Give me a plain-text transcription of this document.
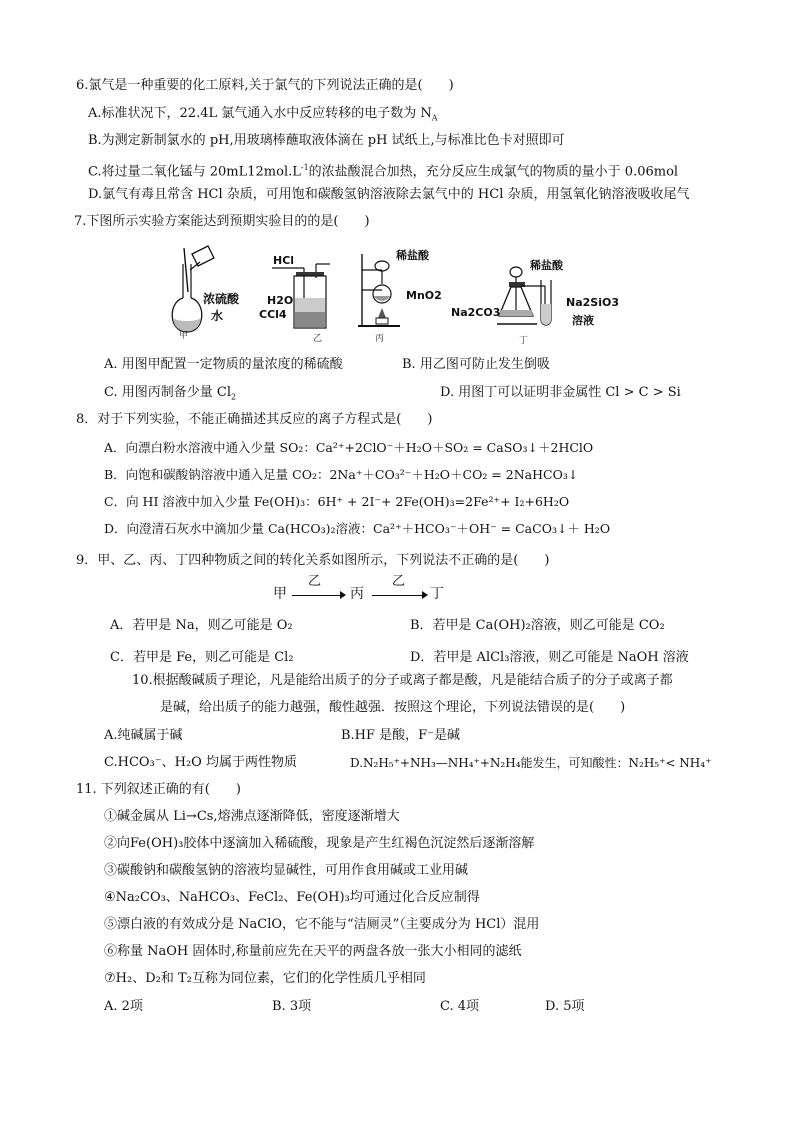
6.氯气是一种重要的化工原料,关于氯气的下列说法正确的是(　　)
A.标准状况下，22.4L 氯气通入水中反应转移的电子数为 $N_A$
B.为测定新制氯水的 pH,用玻璃棒蘸取液体滴在 pH 试纸上,与标准比色卡对照即可
C.将过量二氧化锰与 $20mL12mol.L^{-1}$的浓盐酸混合加热，充分反应生成氯气的物质的量小于 0.06mol
D.氯气有毒且常含 HCl 杂质，可用饱和碳酸氢钠溶液除去氯气中的 HCl 杂质，用氢氧化钠溶液吸收尾气
7.下图所示实验方案能达到预期实验目的的是(　　)
浓硫酸
水
甲
HCl
H2O
CCl4
乙
稀盐酸
MnO2
丙
稀盐酸
Na2CO3
Na2SiO3
溶液
丁
A. 用图甲配置一定物质的量浓度的稀硫酸	B. 用乙图可防止发生倒吸
C. 用图丙制备少量 $Cl_2$	D. 用图丁可以证明非金属性 Cl > C > Si
8．对于下列实验，不能正确描述其反应的离子方程式是(　　)
A．向漂白粉水溶液中通入少量 SO₂：Ca²⁺+2ClO⁻＋H₂O＋SO₂ = CaSO₃↓＋2HClO
B．向饱和碳酸钠溶液中通入足量 CO₂：2Na⁺＋CO₃²⁻＋H₂O＋CO₂ = 2NaHCO₃↓
C．向 HI 溶液中加入少量 Fe(OH)₃：6H⁺ + 2I⁻+ 2Fe(OH)₃=2Fe²⁺+ I₂+6H₂O
D．向澄清石灰水中滴加少量 Ca(HCO₃)₂溶液：Ca²⁺＋HCO₃⁻＋OH⁻ = CaCO₃↓＋ H₂O
9．甲、乙、丙、丁四种物质之间的转化关系如图所示，下列说法不正确的是(　　)
甲
乙
丙
乙
丁
A．若甲是 Na，则乙可能是 O₂	B．若甲是 Ca(OH)₂溶液，则乙可能是 CO₂
C．若甲是 Fe，则乙可能是 Cl₂	D．若甲是 AlCl₃溶液，则乙可能是 NaOH 溶液
10.根据酸碱质子理论，凡是能给出质子的分子或离子都是酸，凡是能结合质子的分子或离子都
是碱，给出质子的能力越强，酸性越强．按照这个理论，下列说法错误的是(　　)
A.纯碱属于碱	B.HF 是酸，F⁻是碱
C.HCO₃⁻、H₂O 均属于两性物质	D.N₂H₅⁺+NH₃—NH₄⁺+N₂H₄能发生，可知酸性：N₂H₅⁺< NH₄⁺
11. 下列叙述正确的有(　　)
①碱金属从 Li→Cs,熔沸点逐渐降低，密度逐渐增大
②向Fe(OH)₃胶体中逐滴加入稀硫酸，现象是产生红褐色沉淀然后逐渐溶解
③碳酸钠和碳酸氢钠的溶液均显碱性，可用作食用碱或工业用碱
④Na₂CO₃、NaHCO₃、FeCl₂、Fe(OH)₃均可通过化合反应制得
⑤漂白液的有效成分是 NaClO，它不能与“洁厕灵”（主要成分为 HCl）混用
⑥称量 NaOH 固体时,称量前应先在天平的两盘各放一张大小相同的滤纸
⑦H₂、D₂和 T₂互称为同位素，它们的化学性质几乎相同
A. 2项	B. 3项	C. 4项	D. 5项
